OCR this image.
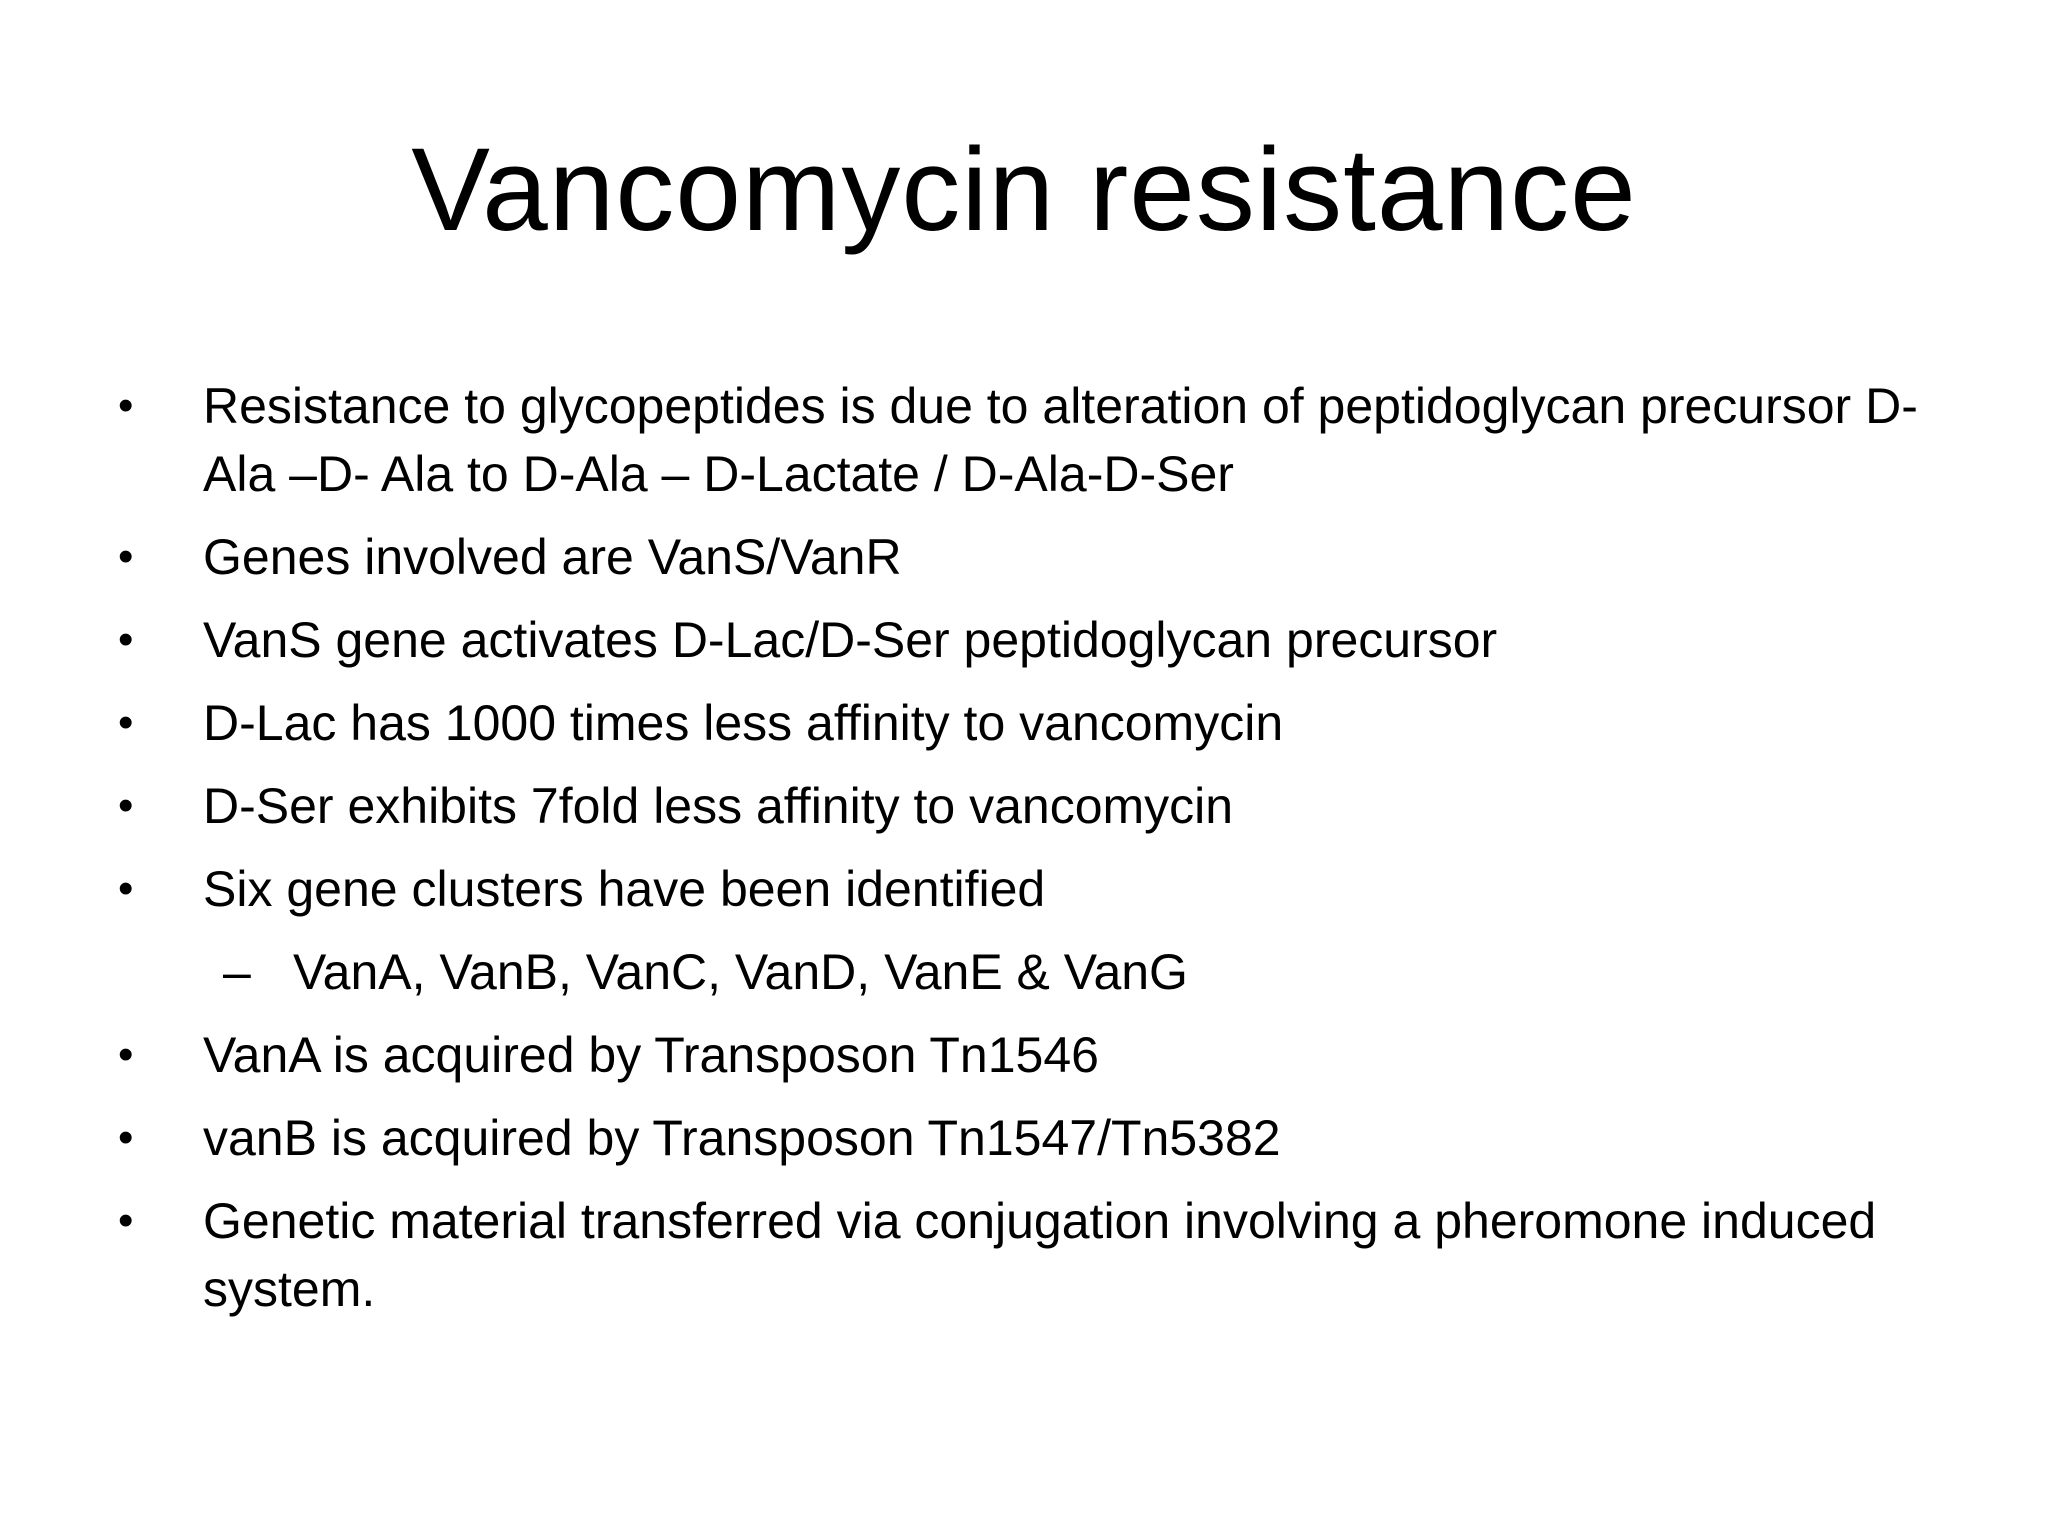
Vancomycin resistance
• Resistance to glycopeptides is due to alteration of peptidoglycan precursor D-Ala –D- Ala to D-Ala – D-Lactate / D-Ala-D-Ser
• Genes involved are VanS/VanR
• VanS gene activates D-Lac/D-Ser peptidoglycan precursor
• D-Lac has 1000 times less affinity to vancomycin
• D-Ser exhibits 7fold less affinity to vancomycin
• Six gene clusters have been identified
– VanA, VanB, VanC, VanD, VanE & VanG
• VanA is acquired by Transposon Tn1546
• vanB is acquired by Transposon Tn1547/Tn5382
• Genetic material transferred via conjugation involving a pheromone induced system.
